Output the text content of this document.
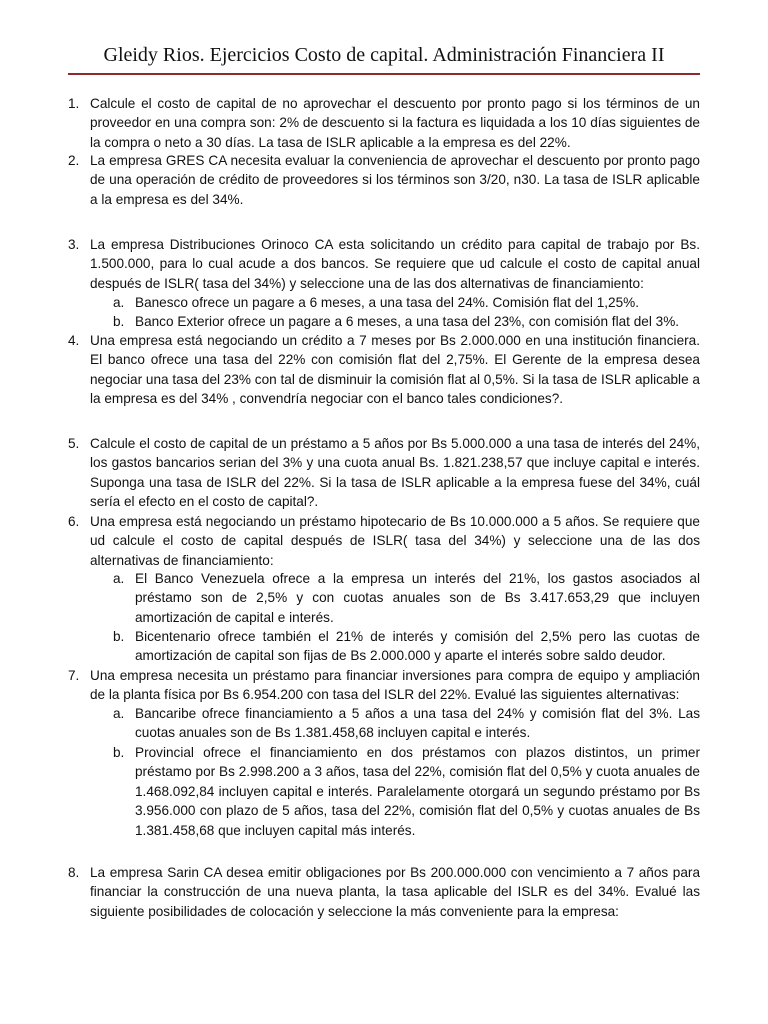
Gleidy Rios. Ejercicios Costo de capital. Administración Financiera II
1. Calcule el costo de capital de no aprovechar el descuento por pronto pago si los términos de un proveedor en una compra son: 2% de descuento si la factura es liquidada a los 10 días siguientes de la compra o neto a 30 días. La tasa de ISLR aplicable a la empresa es del 22%.
2. La empresa GRES CA necesita evaluar la conveniencia de aprovechar el descuento por pronto pago de una operación de crédito de proveedores si los términos son 3/20, n30. La tasa de ISLR aplicable a la empresa es del 34%.
3. La empresa Distribuciones Orinoco CA esta solicitando un crédito para capital de trabajo por Bs. 1.500.000, para lo cual acude a dos bancos. Se requiere que ud calcule el costo de capital anual después de ISLR( tasa del 34%) y seleccione una de las dos alternativas de financiamiento:
a. Banesco ofrece un pagare a 6 meses, a una tasa del 24%. Comisión flat del 1,25%.
b. Banco Exterior ofrece un pagare a 6 meses, a una tasa del 23%, con comisión flat del 3%.
4. Una empresa está negociando un crédito a 7 meses por Bs 2.000.000 en una institución financiera. El banco ofrece una tasa del 22% con comisión flat del 2,75%. El Gerente de la empresa desea negociar una tasa del 23% con tal de disminuir la comisión flat al 0,5%. Si la tasa de ISLR aplicable a la empresa es del 34% , convendría negociar con el banco tales condiciones?.
5. Calcule el costo de capital de un préstamo a 5 años por Bs 5.000.000 a una tasa de interés del 24%, los gastos bancarios serian del 3% y una cuota anual Bs. 1.821.238,57 que incluye capital e interés. Suponga una tasa de ISLR del 22%. Si la tasa de ISLR aplicable a la empresa fuese del 34%, cuál sería el efecto en el costo de capital?.
6. Una empresa está negociando un préstamo hipotecario de Bs 10.000.000 a 5 años. Se requiere que ud calcule el costo de capital después de ISLR( tasa del 34%) y seleccione una de las dos alternativas de financiamiento:
a. El Banco Venezuela ofrece a la empresa un interés del 21%, los gastos asociados al préstamo son de 2,5% y con cuotas anuales son de Bs 3.417.653,29 que incluyen amortización de capital e interés.
b. Bicentenario ofrece también el 21% de interés y comisión del 2,5% pero las cuotas de amortización de capital son fijas de Bs 2.000.000 y aparte el interés sobre saldo deudor.
7. Una empresa necesita un préstamo para financiar inversiones para compra de equipo y ampliación de la planta física por Bs 6.954.200 con tasa del ISLR del 22%. Evalué las siguientes alternativas:
a. Bancaribe ofrece financiamiento a 5 años a una tasa del 24% y comisión flat del 3%. Las cuotas anuales son de Bs 1.381.458,68 incluyen capital e interés.
b. Provincial ofrece el financiamiento en dos préstamos con plazos distintos, un primer préstamo por Bs 2.998.200 a 3 años, tasa del 22%, comisión flat del 0,5% y cuota anuales de 1.468.092,84 incluyen capital e interés. Paralelamente otorgará un segundo préstamo por Bs 3.956.000 con plazo de 5 años, tasa del 22%, comisión flat del 0,5% y cuotas anuales de Bs 1.381.458,68 que incluyen capital más interés.
8. La empresa Sarin CA desea emitir obligaciones por Bs 200.000.000 con vencimiento a 7 años para financiar la construcción de una nueva planta, la tasa aplicable del ISLR es del 34%. Evalué las siguiente posibilidades de colocación y seleccione la más conveniente para la empresa:
